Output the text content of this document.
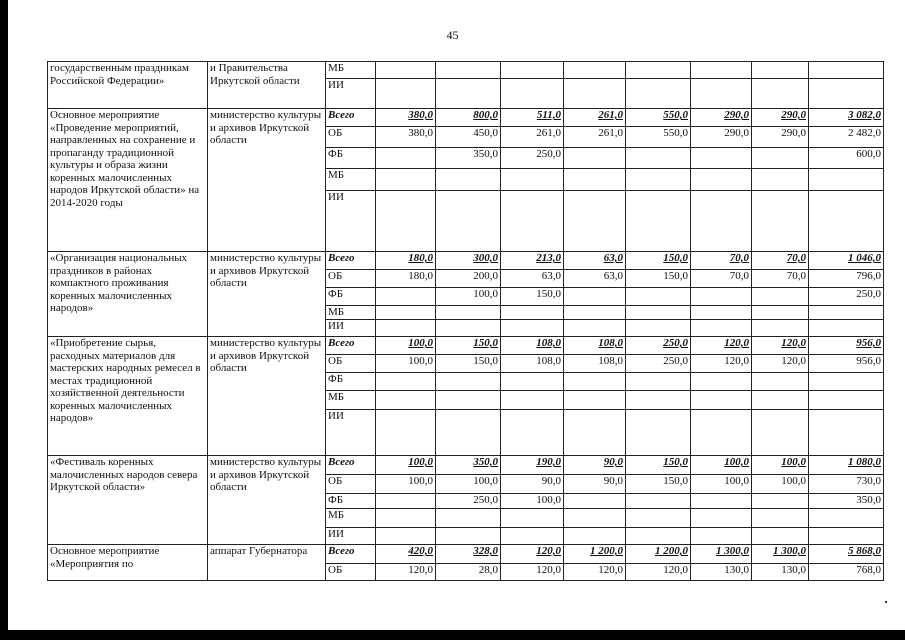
45
государственным праздникам Российской Федерации»	и Правительства Иркутской области	МБ								
		ИИ								
Основное мероприятие «Проведение мероприятий, направленных на сохранение и пропаганду традиционной культуры и образа жизни коренных малочисленных народов Иркутской области» на 2014-2020 годы	министерство культуры и архивов Иркутской области	Всего	380,0	800,0	511,0	261,0	550,0	290,0	290,0	3 082,0
		ОБ	380,0	450,0	261,0	261,0	550,0	290,0	290,0	2 482,0
		ФБ		350,0	250,0					600,0
		МБ								
		ИИ								
«Организация национальных праздников в районах компактного проживания коренных малочисленных народов»	министерство культуры и архивов Иркутской области	Всего	180,0	300,0	213,0	63,0	150,0	70,0	70,0	1 046,0
		ОБ	180,0	200,0	63,0	63,0	150,0	70,0	70,0	796,0
		ФБ		100,0	150,0					250,0
		МБ								
		ИИ								
«Приобретение сырья, расходных материалов для мастерских народных ремесел в местах традиционной хозяйственной деятельности коренных малочисленных народов»	министерство культуры и архивов Иркутской области	Всего	100,0	150,0	108,0	108,0	250,0	120,0	120,0	956,0
		ОБ	100,0	150,0	108,0	108,0	250,0	120,0	120,0	956,0
		ФБ								
		МБ								
		ИИ								
«Фестиваль коренных малочисленных народов севера Иркутской области»	министерство культуры и архивов Иркутской области	Всего	100,0	350,0	190,0	90,0	150,0	100,0	100,0	1 080,0
		ОБ	100,0	100,0	90,0	90,0	150,0	100,0	100,0	730,0
		ФБ		250,0	100,0					350,0
		МБ								
		ИИ								
Основное мероприятие «Мероприятия по	аппарат Губернатора	Всего	420,0	328,0	120,0	1 200,0	1 200,0	1 300,0	1 300,0	5 868,0
		ОБ	120,0	28,0	120,0	120,0	120,0	130,0	130,0	768,0
